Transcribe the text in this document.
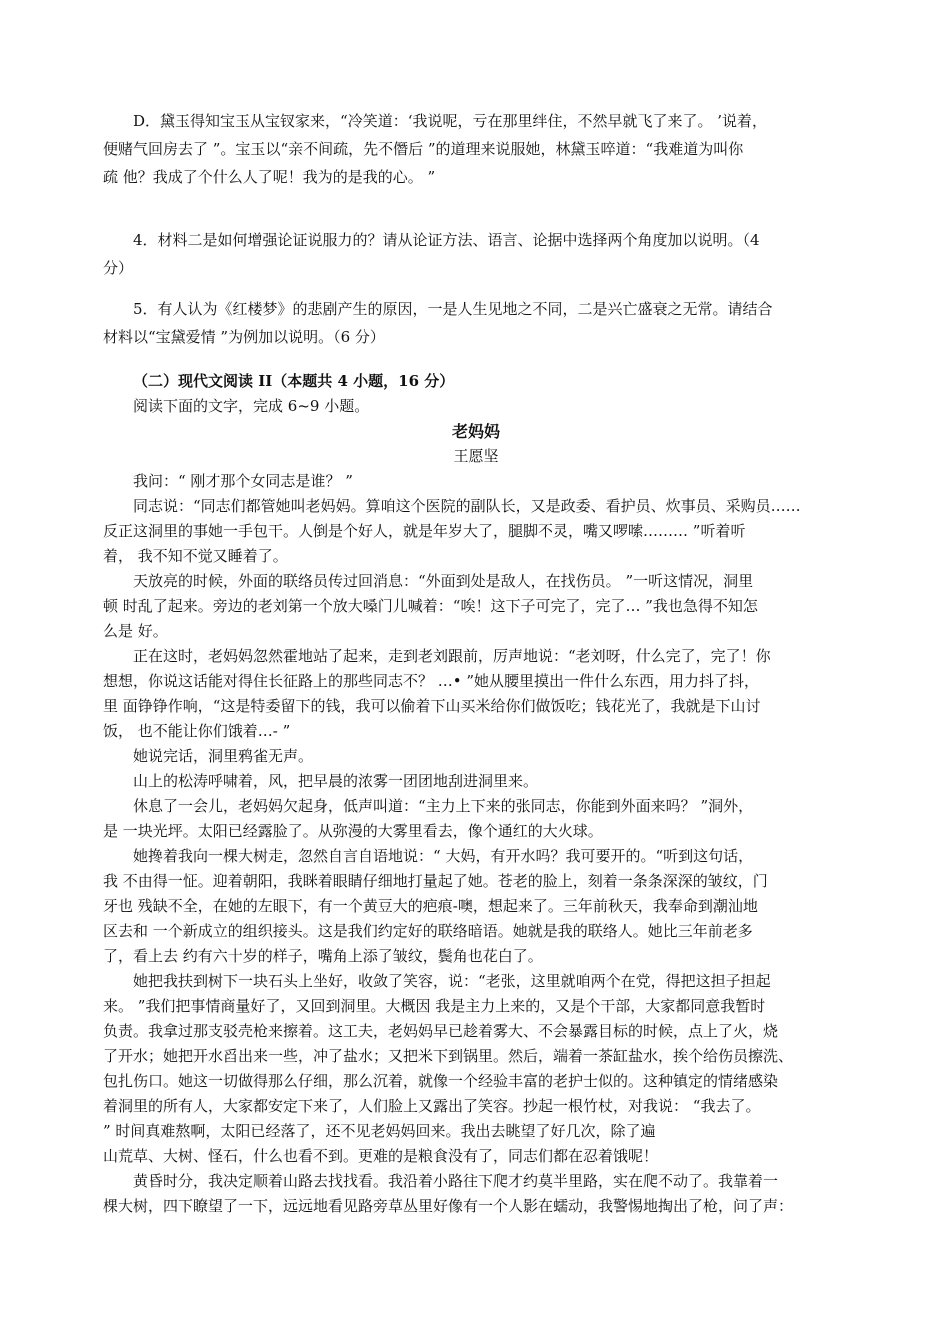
　　D．黛玉得知宝玉从宝钗家来，“冷笑道：‘我说呢，亏在那里绊住，不然早就飞了来了。 ’说着，
便赌气回房去了 ”。宝玉以“亲不间疏，先不僭后 ”的道理来说服她，林黛玉啐道：“我难道为叫你
疏 他？我成了个什么人了呢！我为的是我的心。 ”
　　4．材料二是如何增强论证说服力的？请从论证方法、语言、论据中选择两个角度加以说明。（4
分）
　　5．有人认为《红楼梦》的悲剧产生的原因，一是人生见地之不同，二是兴亡盛衰之无常。请结合
材料以“宝黛爱情 ”为例加以说明。（6 分）
（二）现代文阅读 II（本题共 4 小题，16 分）
阅读下面的文字，完成 6~9 小题。
老妈妈
王愿坚
我问：“ 刚才那个女同志是谁？ ”
同志说：“同志们都管她叫老妈妈。算咱这个医院的副队长，又是政委、看护员、炊事员、采购员……
反正这洞里的事她一手包干。人倒是个好人，就是年岁大了，腿脚不灵，嘴又啰嗦……… ”听着听
着， 我不知不觉又睡着了。
天放亮的时候，外面的联络员传过回消息：“外面到处是敌人，在找伤员。 ”一听这情况，洞里
顿 时乱了起来。旁边的老刘第一个放大嗓门儿喊着：“唉！这下子可完了，完了… ”我也急得不知怎
么是 好。
正在这时，老妈妈忽然霍地站了起来，走到老刘跟前，厉声地说：“老刘呀，什么完了，完了！你
想想，你说这话能对得住长征路上的那些同志不？ …• ”她从腰里摸出一件什么东西，用力抖了抖，
里 面铮铮作响，“这是特委留下的钱，我可以偷着下山买米给你们做饭吃；钱花光了，我就是下山讨
饭， 也不能让你们饿着…- ”
她说完话，洞里鸦雀无声。
山上的松涛呼啸着，风，把早晨的浓雾一团团地刮进洞里来。
休息了一会儿，老妈妈欠起身，低声叫道：“主力上下来的张同志，你能到外面来吗？ ”洞外，
是 一块光坪。太阳已经露脸了。从弥漫的大雾里看去，像个通红的大火球。
她搀着我向一棵大树走，忽然自言自语地说：“ 大妈，有开水吗？我可要开的。“听到这句话，
我 不由得一怔。迎着朝阳，我眯着眼睛仔细地打量起了她。苍老的脸上，刻着一条条深深的皱纹，门
牙也 残缺不全，在她的左眼下，有一个黄豆大的疤痕-噢，想起来了。三年前秋天，我奉命到潮汕地
区去和 一个新成立的组织接头。这是我们约定好的联络暗语。她就是我的联络人。她比三年前老多
了，看上去 约有六十岁的样子，嘴角上添了皱纹，鬓角也花白了。
她把我扶到树下一块石头上坐好，收敛了笑容，说：“老张，这里就咱两个在党，得把这担子担起
来。 ”我们把事情商量好了，又回到洞里。大概因 我是主力上来的，又是个干部，大家都同意我暂时
负责。我拿过那支驳壳枪来擦着。这工夫，老妈妈早已趁着雾大、不会暴露目标的时候，点上了火，烧
了开水；她把开水舀出来一些，冲了盐水；又把米下到锅里。然后，端着一茶缸盐水，挨个给伤员擦洗、
包扎伤口。她这一切做得那么仔细，那么沉着，就像一个经验丰富的老护士似的。这种镇定的情绪感染
着洞里的所有人，大家都安定下来了，人们脸上又露出了笑容。抄起一根竹杖，对我说： “我去了。
” 时间真难熬啊，太阳已经落了，还不见老妈妈回来。我出去眺望了好几次，除了遍
山荒草、大树、怪石，什么也看不到。更难的是粮食没有了，同志们都在忍着饿呢！
黄昏时分，我决定顺着山路去找找看。我沿着小路往下爬才约莫半里路，实在爬不动了。我靠着一
棵大树，四下瞭望了一下，远远地看见路旁草丛里好像有一个人影在蠕动，我警惕地掏出了枪，问了声：
